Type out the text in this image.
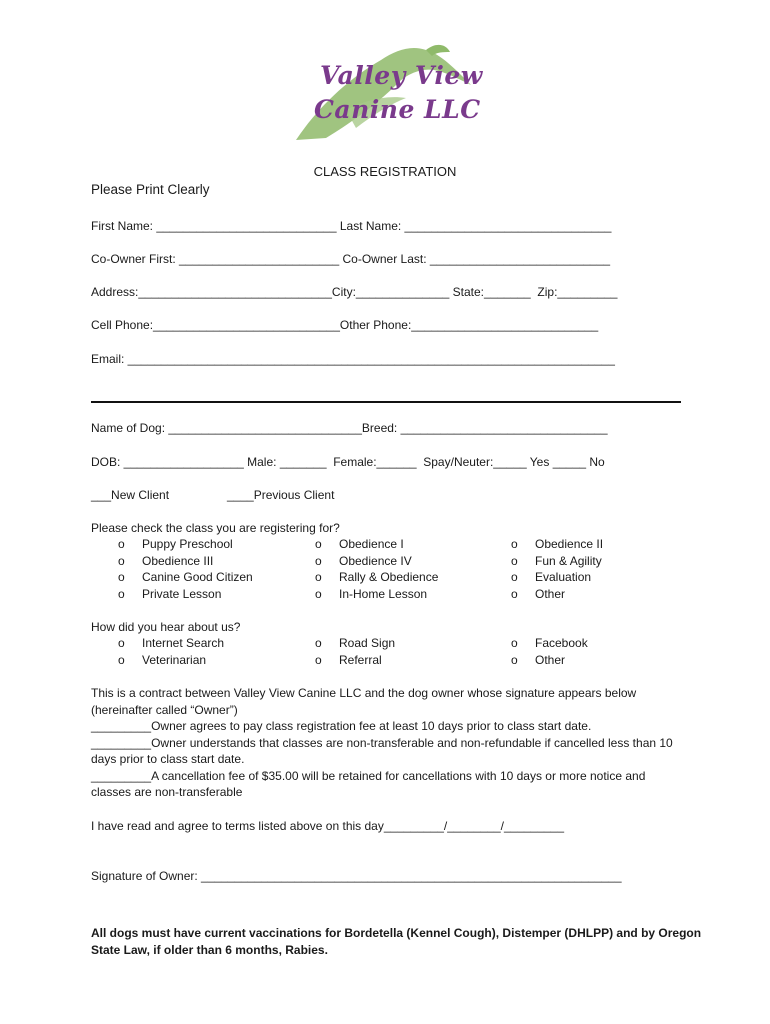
Valley View
Canine LLC
CLASS REGISTRATION
Please Print Clearly
First Name: ___________________________ Last Name: _______________________________
Co-Owner First: ________________________ Co-Owner Last: ___________________________
Address:_____________________________City:______________ State:_______  Zip:_________
Cell Phone:____________________________Other Phone:____________________________
Email: _________________________________________________________________________
Name of Dog: _____________________________Breed: _______________________________
DOB: __________________ Male: _______  Female:______  Spay/Neuter:_____ Yes _____ No
___New Client	____Previous Client
Please check the class you are registering for?
o Puppy Preschool
o Obedience III
o Canine Good Citizen
o Private Lesson
o Obedience I
o Obedience IV
o Rally & Obedience
o In-Home Lesson
o Obedience II
o Fun & Agility
o Evaluation
o Other
How did you hear about us?
o Internet Search
o Veterinarian
o Road Sign
o Referral
o Facebook
o Other
This is a contract between Valley View Canine LLC and the dog owner whose signature appears below
(hereinafter called “Owner”)
_________Owner agrees to pay class registration fee at least 10 days prior to class start date.
_________Owner understands that classes are non-transferable and non-refundable if cancelled less than 10
days prior to class start date.
_________A cancellation fee of $35.00 will be retained for cancellations with 10 days or more notice and
classes are non-transferable
I have read and agree to terms listed above on this day_________/________/_________
Signature of Owner: _______________________________________________________________
All dogs must have current vaccinations for Bordetella (Kennel Cough), Distemper (DHLPP) and by Oregon
State Law, if older than 6 months, Rabies.
